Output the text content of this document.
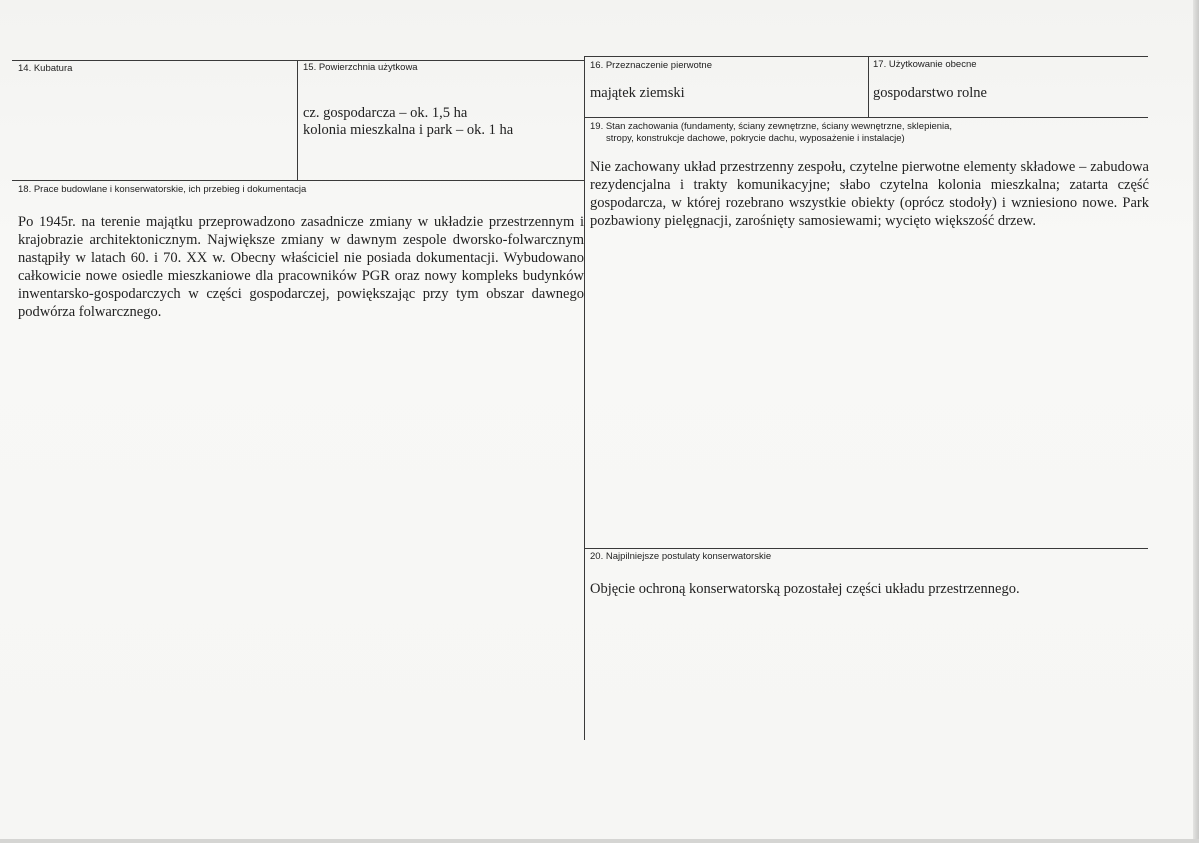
14. Kubatura	15. Powierzchnia użytkowa
cz. gospodarcza – ok. 1,5 ha
kolonia mieszkalna i park – ok. 1 ha
16. Przeznaczenie pierwotne
majątek ziemski
17. Użytkowanie obecne
gospodarstwo rolne
18. Prace budowlane i konserwatorskie, ich przebieg i dokumentacja
Po 1945r. na terenie majątku przeprowadzono zasadnicze zmiany w układzie przestrzennym i krajobrazie architektonicznym. Największe zmiany w dawnym zespole dworsko-folwarcznym nastąpiły w latach 60. i 70. XX w. Obecny właściciel nie posiada dokumentacji. Wybudowano całkowicie nowe osiedle mieszkaniowe dla pracowników PGR oraz nowy kompleks budynków inwentarsko-gospodarczych w części gospodarczej, powiększając przy tym obszar dawnego podwórza folwarcznego.
19. Stan zachowania (fundamenty, ściany zewnętrzne, ściany wewnętrzne, sklepienia,
stropy, konstrukcje dachowe, pokrycie dachu, wyposażenie i instalacje)
Nie zachowany układ przestrzenny zespołu, czytelne pierwotne elementy składowe – zabudowa rezydencjalna i trakty komunikacyjne; słabo czytelna kolonia mieszkalna; zatarta część gospodarcza, w której rozebrano wszystkie obiekty (oprócz stodoły) i wzniesiono nowe. Park pozbawiony pielęgnacji, zarośnięty samosiewami; wycięto większość drzew.
20. Najpilniejsze postulaty konserwatorskie
Objęcie ochroną konserwatorską pozostałej części układu przestrzennego.
